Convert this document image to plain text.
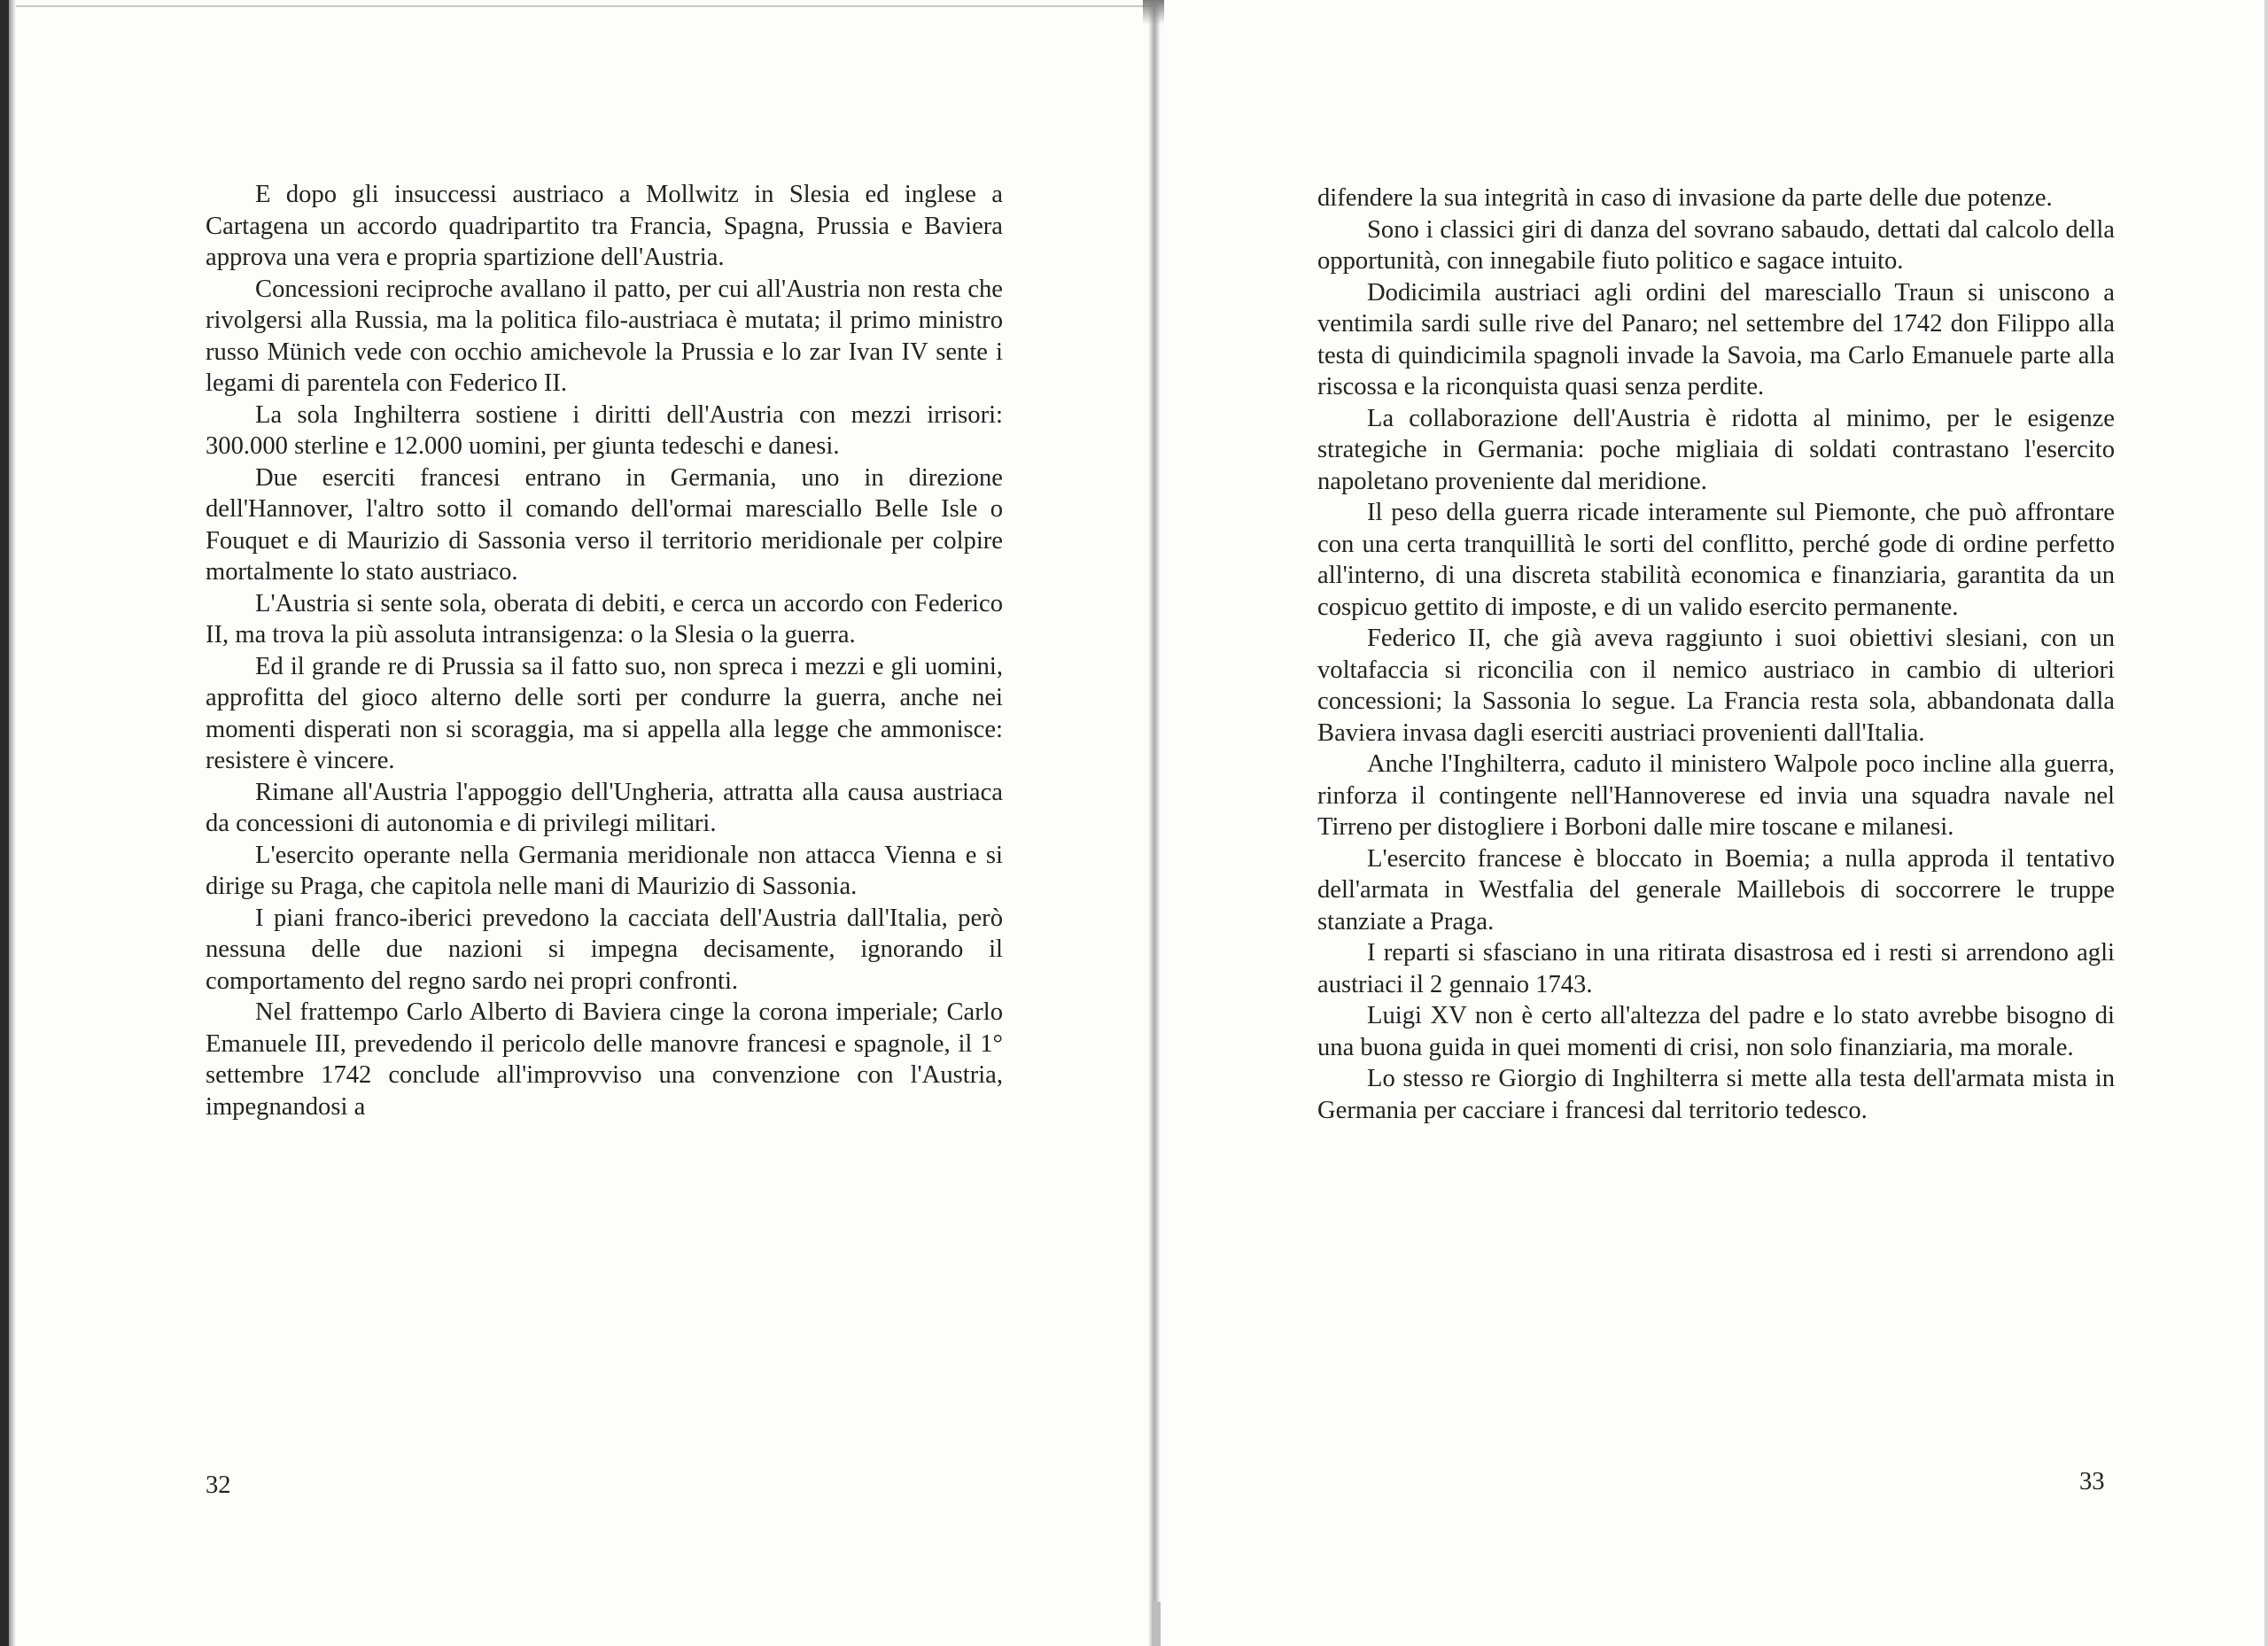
E dopo gli insuccessi austriaco a Mollwitz in Slesia ed inglese a Cartagena un accordo quadripartito tra Francia, Spagna, Prussia e Baviera approva una vera e propria spartizione dell'Austria.

Concessioni reciproche avallano il patto, per cui all'Austria non resta che rivolgersi alla Russia, ma la politica filo-austriaca è mutata; il primo ministro russo Münich vede con occhio amichevole la Prussia e lo zar Ivan IV sente i legami di parentela con Federico II.

La sola Inghilterra sostiene i diritti dell'Austria con mezzi irrisori: 300.000 sterline e 12.000 uomini, per giunta tedeschi e danesi.

Due eserciti francesi entrano in Germania, uno in direzione dell'Hannover, l'altro sotto il comando dell'ormai maresciallo Belle Isle o Fouquet e di Maurizio di Sassonia verso il territorio meridionale per colpire mortalmente lo stato austriaco.

L'Austria si sente sola, oberata di debiti, e cerca un accordo con Federico II, ma trova la più assoluta intransigenza: o la Slesia o la guerra.

Ed il grande re di Prussia sa il fatto suo, non spreca i mezzi e gli uomini, approfitta del gioco alterno delle sorti per condurre la guerra, anche nei momenti disperati non si scoraggia, ma si appella alla legge che ammonisce: resistere è vincere.

Rimane all'Austria l'appoggio dell'Ungheria, attratta alla causa austriaca da concessioni di autonomia e di privilegi militari.

L'esercito operante nella Germania meridionale non attacca Vienna e si dirige su Praga, che capitola nelle mani di Maurizio di Sassonia.

I piani franco-iberici prevedono la cacciata dell'Austria dall'Italia, però nessuna delle due nazioni si impegna decisamente, ignorando il comportamento del regno sardo nei propri confronti.

Nel frattempo Carlo Alberto di Baviera cinge la corona imperiale; Carlo Emanuele III, prevedendo il pericolo delle manovre francesi e spagnole, il 1° settembre 1742 conclude all'improvviso una convenzione con l'Austria, impegnandosi a

32

difendere la sua integrità in caso di invasione da parte delle due potenze.

Sono i classici giri di danza del sovrano sabaudo, dettati dal calcolo della opportunità, con innegabile fiuto politico e sagace intuito.

Dodicimila austriaci agli ordini del maresciallo Traun si uniscono a ventimila sardi sulle rive del Panaro; nel settembre del 1742 don Filippo alla testa di quindicimila spagnoli invade la Savoia, ma Carlo Emanuele parte alla riscossa e la riconquista quasi senza perdite.

La collaborazione dell'Austria è ridotta al minimo, per le esigenze strategiche in Germania: poche migliaia di soldati contrastano l'esercito napoletano proveniente dal meridione.

Il peso della guerra ricade interamente sul Piemonte, che può affrontare con una certa tranquillità le sorti del conflitto, perché gode di ordine perfetto all'interno, di una discreta stabilità economica e finanziaria, garantita da un cospicuo gettito di imposte, e di un valido esercito permanente.

Federico II, che già aveva raggiunto i suoi obiettivi slesiani, con un voltafaccia si riconcilia con il nemico austriaco in cambio di ulteriori concessioni; la Sassonia lo segue. La Francia resta sola, abbandonata dalla Baviera invasa dagli eserciti austriaci provenienti dall'Italia.

Anche l'Inghilterra, caduto il ministero Walpole poco incline alla guerra, rinforza il contingente nell'Hannoverese ed invia una squadra navale nel Tirreno per distogliere i Borboni dalle mire toscane e milanesi.

L'esercito francese è bloccato in Boemia; a nulla approda il tentativo dell'armata in Westfalia del generale Maillebois di soccorrere le truppe stanziate a Praga.

I reparti si sfasciano in una ritirata disastrosa ed i resti si arrendono agli austriaci il 2 gennaio 1743.

Luigi XV non è certo all'altezza del padre e lo stato avrebbe bisogno di una buona guida in quei momenti di crisi, non solo finanziaria, ma morale.

Lo stesso re Giorgio di Inghilterra si mette alla testa dell'armata mista in Germania per cacciare i francesi dal territorio tedesco.

33
